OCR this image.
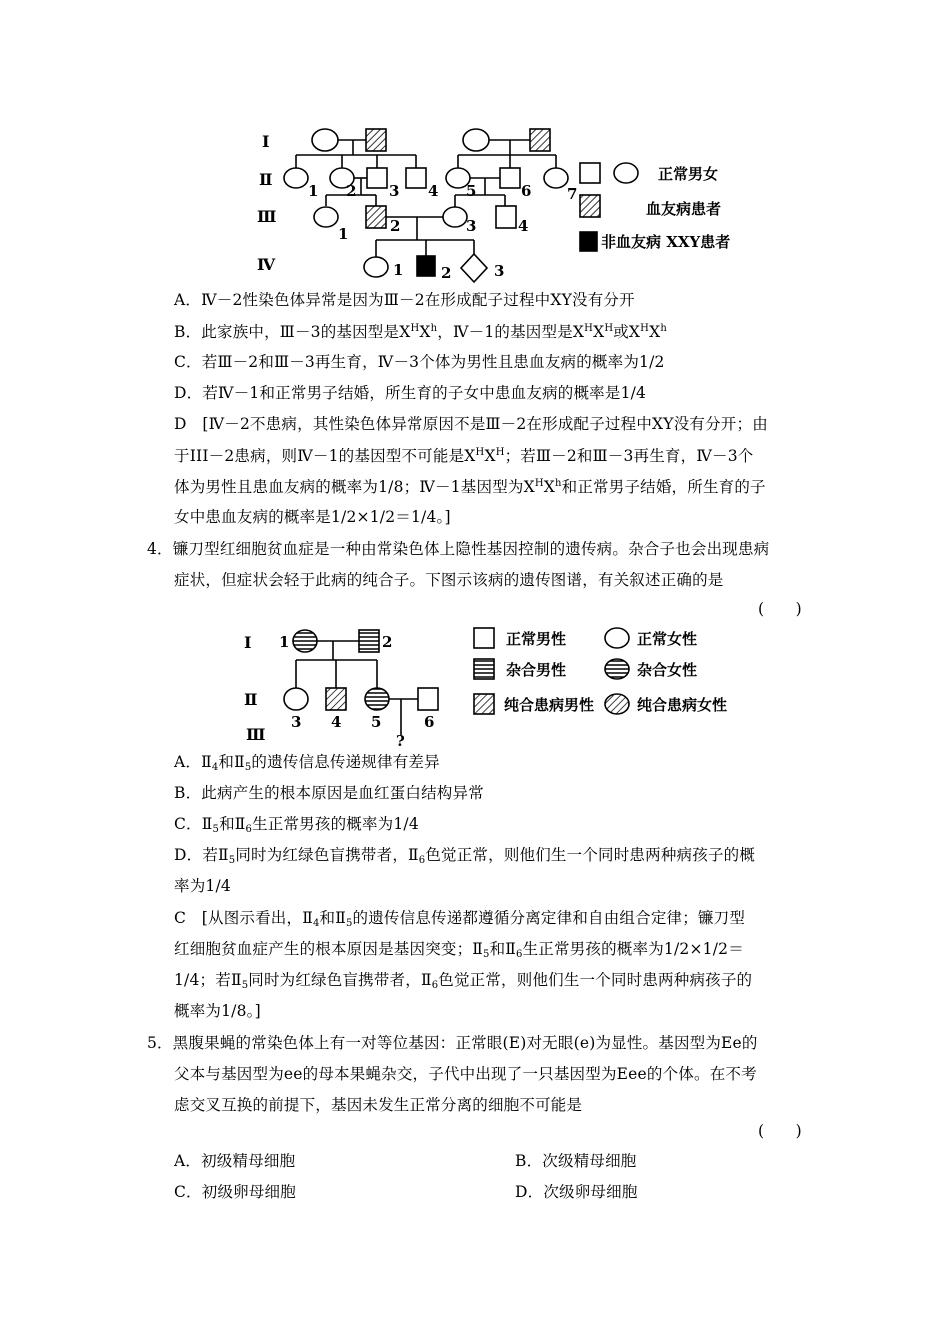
Ⅰ
Ⅱ
Ⅲ
Ⅳ
1 2 3 4 5	6 7
1	2	3	4
1	2	3
正常男女
血友病患者
非血友病 XXY患者
A．Ⅳ－2性染色体异常是因为Ⅲ－2在形成配子过程中XY没有分开
B．此家族中，Ⅲ－3的基因型是$X^HX^h$，Ⅳ－1的基因型是$X^HX^H$或$X^HX^h$
C．若Ⅲ－2和Ⅲ－3再生育，Ⅳ－3个体为男性且患血友病的概率为1/2
D．若Ⅳ－1和正常男子结婚，所生育的子女中患血友病的概率是1/4
D　[Ⅳ－2不患病，其性染色体异常原因不是Ⅲ－2在形成配子过程中XY没有分开；由
于III－2患病，则Ⅳ－1的基因型不可能是$X^HX^H$；若Ⅲ－2和Ⅲ－3再生育，Ⅳ－3个
体为男性且患血友病的概率为1/8；Ⅳ－1基因型为$X^HX^h$和正常男子结婚，所生育的子
女中患血友病的概率是1/2×1/2＝1/4。]
4．镰刀型红细胞贫血症是一种由常染色体上隐性基因控制的遗传病。杂合子也会出现患病
症状，但症状会轻于此病的纯合子。下图示该病的遗传图谱，有关叙述正确的是
(　　)
Ⅰ
Ⅱ
Ⅲ
1	2
3 4 5	6
?
正常男性	正常女性
杂合男性	杂合女性
纯合患病男性	纯合患病女性
A．$Ⅱ_4$和$Ⅱ_5$的遗传信息传递规律有差异
B．此病产生的根本原因是血红蛋白结构异常
C．$Ⅱ_5$和$Ⅱ_6$生正常男孩的概率为1/4
D．若$Ⅱ_5$同时为红绿色盲携带者，$Ⅱ_6$色觉正常，则他们生一个同时患两种病孩子的概
率为1/4
C　[从图示看出，$Ⅱ_4$和$Ⅱ_5$的遗传信息传递都遵循分离定律和自由组合定律；镰刀型
红细胞贫血症产生的根本原因是基因突变；$Ⅱ_5$和$Ⅱ_6$生正常男孩的概率为1/2×1/2＝
1/4；若$Ⅱ_5$同时为红绿色盲携带者，$Ⅱ_6$色觉正常，则他们生一个同时患两种病孩子的
概率为1/8。]
5．黑腹果蝇的常染色体上有一对等位基因：正常眼(E)对无眼(e)为显性。基因型为Ee的
父本与基因型为ee的母本果蝇杂交，子代中出现了一只基因型为Eee的个体。在不考
虑交叉互换的前提下，基因未发生正常分离的细胞不可能是
(　　)
A．初级精母细胞	B．次级精母细胞
C．初级卵母细胞	D．次级卵母细胞
